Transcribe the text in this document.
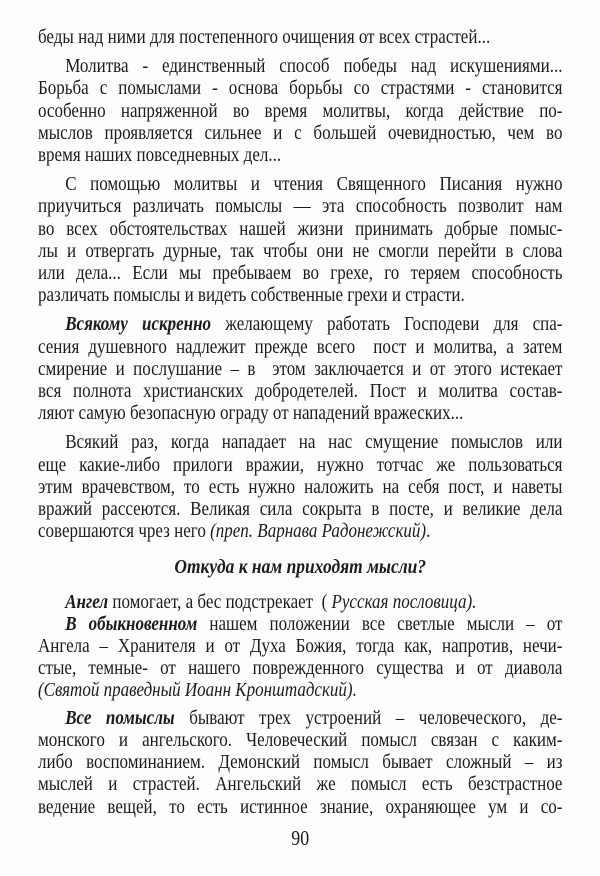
беды над ними для постепенного очищения от всех страстей...
Молитва - единственный способ победы над искушениями...
Борьба с помыслами - основа борьбы со страстями - становится
особенно напряженной во время молитвы, когда действие по-
мыслов проявляется сильнее и с большей очевидностью, чем во
время наших повседневных дел...
С помощью молитвы и чтения Священного Писания нужно
приучиться различать помыслы — эта способность позволит нам
во всех обстоятельствах нашей жизни принимать добрые помыс-
лы и отвергать дурные, так чтобы они не смогли перейти в слова
или дела... Если мы пребываем во грехе, го теряем способность
различать помыслы и видеть собственные грехи и страсти.
Всякому искренно желающему работать Господеви для спа-
сения душевного надлежит прежде всего  пост и молитва, а затем
смирение и послушание – в  этом заключается и от этого истекает
вся полнота христианских добродетелей. Пост и молитва состав-
ляют самую безопасную ограду от нападений вражеских...
Всякий раз, когда нападает на нас смущение помыслов или
еще какие-либо прилоги вражии, нужно тотчас же пользоваться
этим врачевством, то есть нужно наложить на себя пост, и наветы
вражий рассеются. Великая сила сокрыта в посте, и великие дела
совершаются чрез него (преп. Варнава Радонежский).
Откуда к нам приходят мысли?
Ангел помогает, а бес подстрекает  ( Русская пословица).
В обыкновенном нашем положении все светлые мысли – от
Ангела – Хранителя и от Духа Божия, тогда как, напротив, нечи-
стые, темные- от нашего поврежденного существа и от диавола
(Святой праведный Иоанн Кронштадский).
Все помыслы бывают трех устроений – человеческого, де-
монского и ангельского. Человеческий помысл связан с каким-
либо воспоминанием. Демонский помысл бывает сложный – из
мыслей и страстей. Ангельский же помысл есть безстрастное
ведение вещей, то есть истинное знание, охраняющее ум и со-
90
